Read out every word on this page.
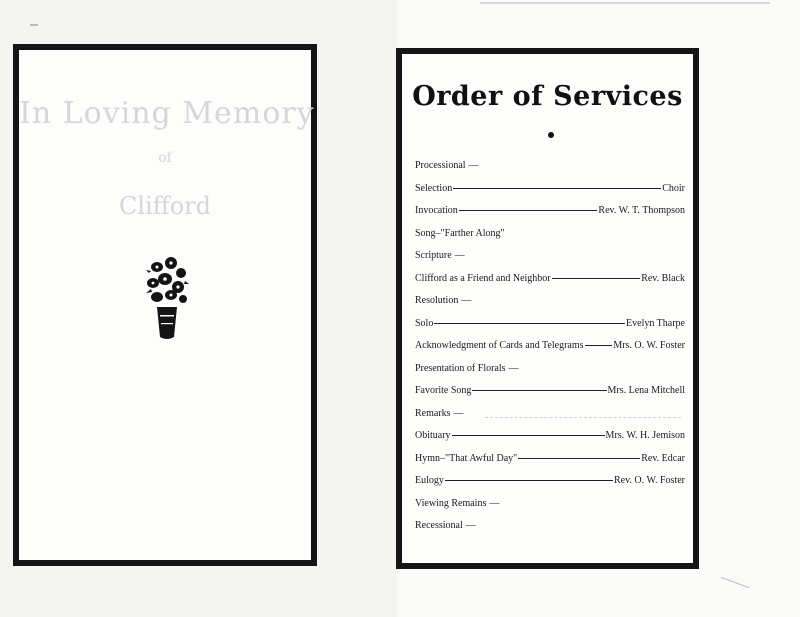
In Loving Memory
of
Clifford
Order of Services
Processional —
Selection	Choir
Invocation	Rev. W. T. Thompson
Song–"Farther Along"
Scripture —
Clifford as a Friend and Neighbor	Rev. Black
Resolution —
Solo	Evelyn Tharpe
Acknowledgment of Cards and Telegrams	Mrs. O. W. Foster
Presentation of Florals —
Favorite Song	Mrs. Lena Mitchell
Remarks —
Obituary	Mrs. W. H. Jemison
Hymn–"That Awful Day"	Rev. Edcar
Eulogy	Rev. O. W. Foster
Viewing Remains —
Recessional —
